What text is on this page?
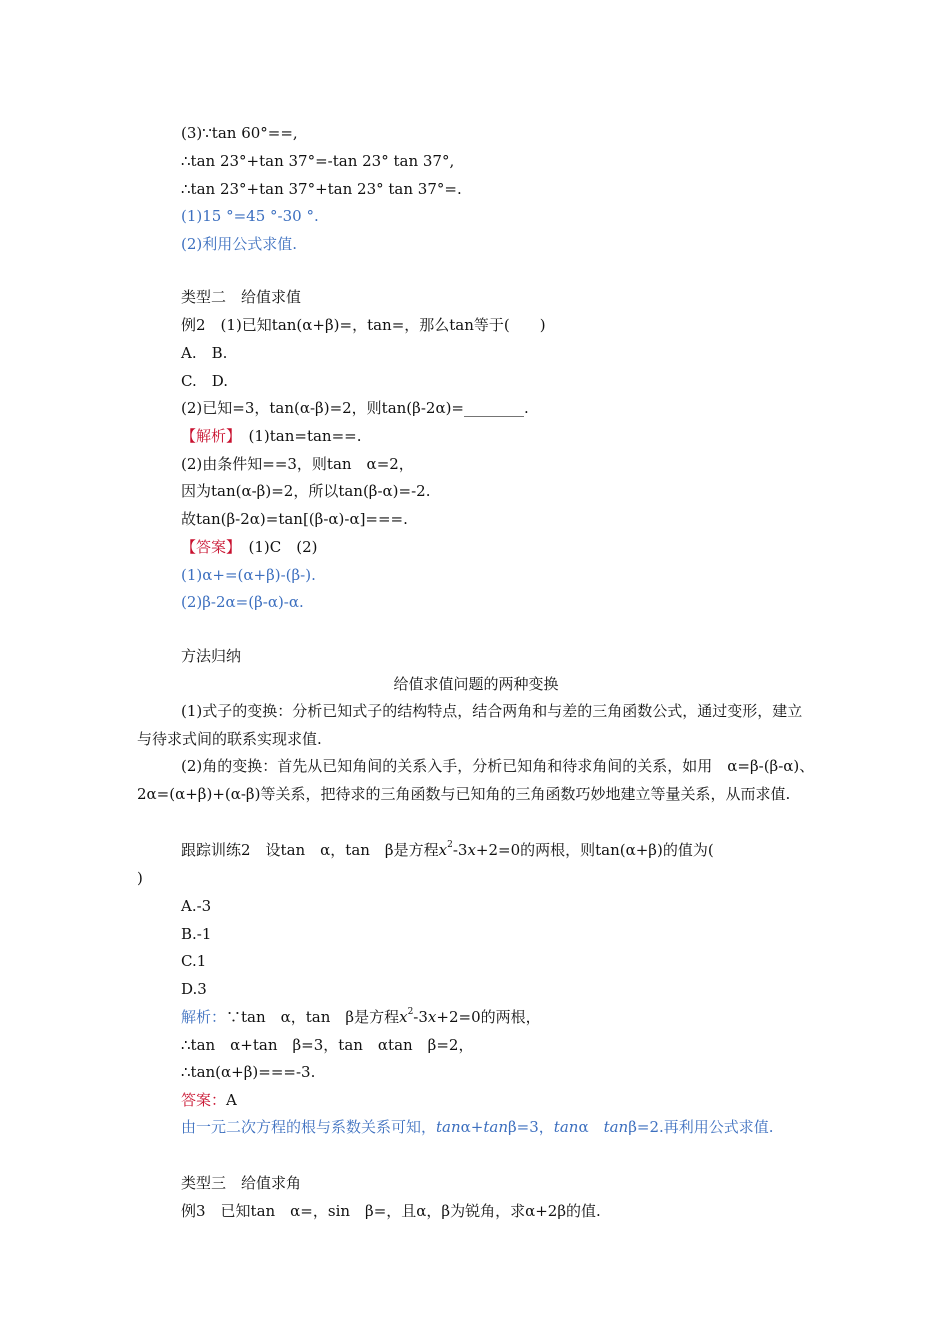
(3)∵tan 60°==,
∴tan 23°+tan 37°=-tan 23° tan 37°,
∴tan 23°+tan 37°+tan 23° tan 37°=.
(1)15 °=45 °-30 °.
(2)利用公式求值.
类型二　给值求值
例2　(1)已知tan(α+β)=，tan=，那么tan等于(　　)
A.　B.
C.　D.
(2)已知=3，tan(α-β)=2，则tan(β-2α)=________.
【解析】　(1)tan=tan==.
(2)由条件知==3，则tan　α=2，
因为tan(α-β)=2，所以tan(β-α)=-2.
故tan(β-2α)=tan[(β-α)-α]===.
【答案】　(1)C　(2)
(1)α+=(α+β)-(β-).
(2)β-2α=(β-α)-α.
方法归纳
给值求值问题的两种变换
(1)式子的变换：分析已知式子的结构特点，结合两角和与差的三角函数公式，通过变形，建立与待求式间的联系实现求值.
(2)角的变换：首先从已知角间的关系入手，分析已知角和待求角间的关系，如用　α=β-(β-α)、2α=(α+β)+(α-β)等关系，把待求的三角函数与已知角的三角函数巧妙地建立等量关系，从而求值.
跟踪训练2　设tan　α，tan　β是方程$x^2-3x+2=0$的两根，则tan(α+β)的值为(
)
A.-3
B.-1
C.1
D.3
解析：∵tan　α，tan　β是方程$x^2-3x+2=0$的两根，
∴tan　α+tan　β=3，tan　αtan　β=2，
∴tan(α+β)===-3.
答案：A
由一元二次方程的根与系数关系可知，tanα+tanβ=3，tanα  tanβ=2.再利用公式求值.
类型三　给值求角
例3　已知tan　α=，sin　β=，且α，β为锐角，求α+2β的值.
